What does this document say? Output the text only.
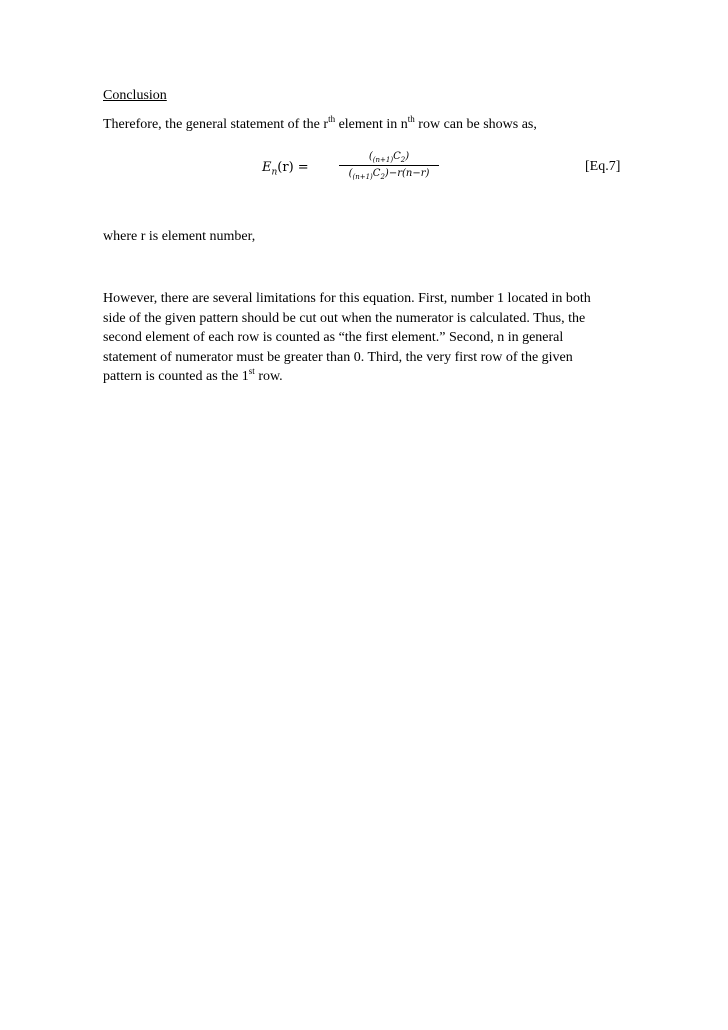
Conclusion
Therefore, the general statement of the $r^{th}$ element in $n^{th}$ row can be shows as,
$E_n(r)$ =
$(_{(n+1)}C_2)$
$(_{(n+1)}C_2)-r(n-r)$	[Eq.7]
where r is element number,
However, there are several limitations for this equation. First, number 1 located in both
side of the given pattern should be cut out when the numerator is calculated. Thus, the
second element of each row is counted as “the first element.” Second, n in general
statement of numerator must be greater than 0. Third, the very first row of the given
pattern is counted as the 1st row.
